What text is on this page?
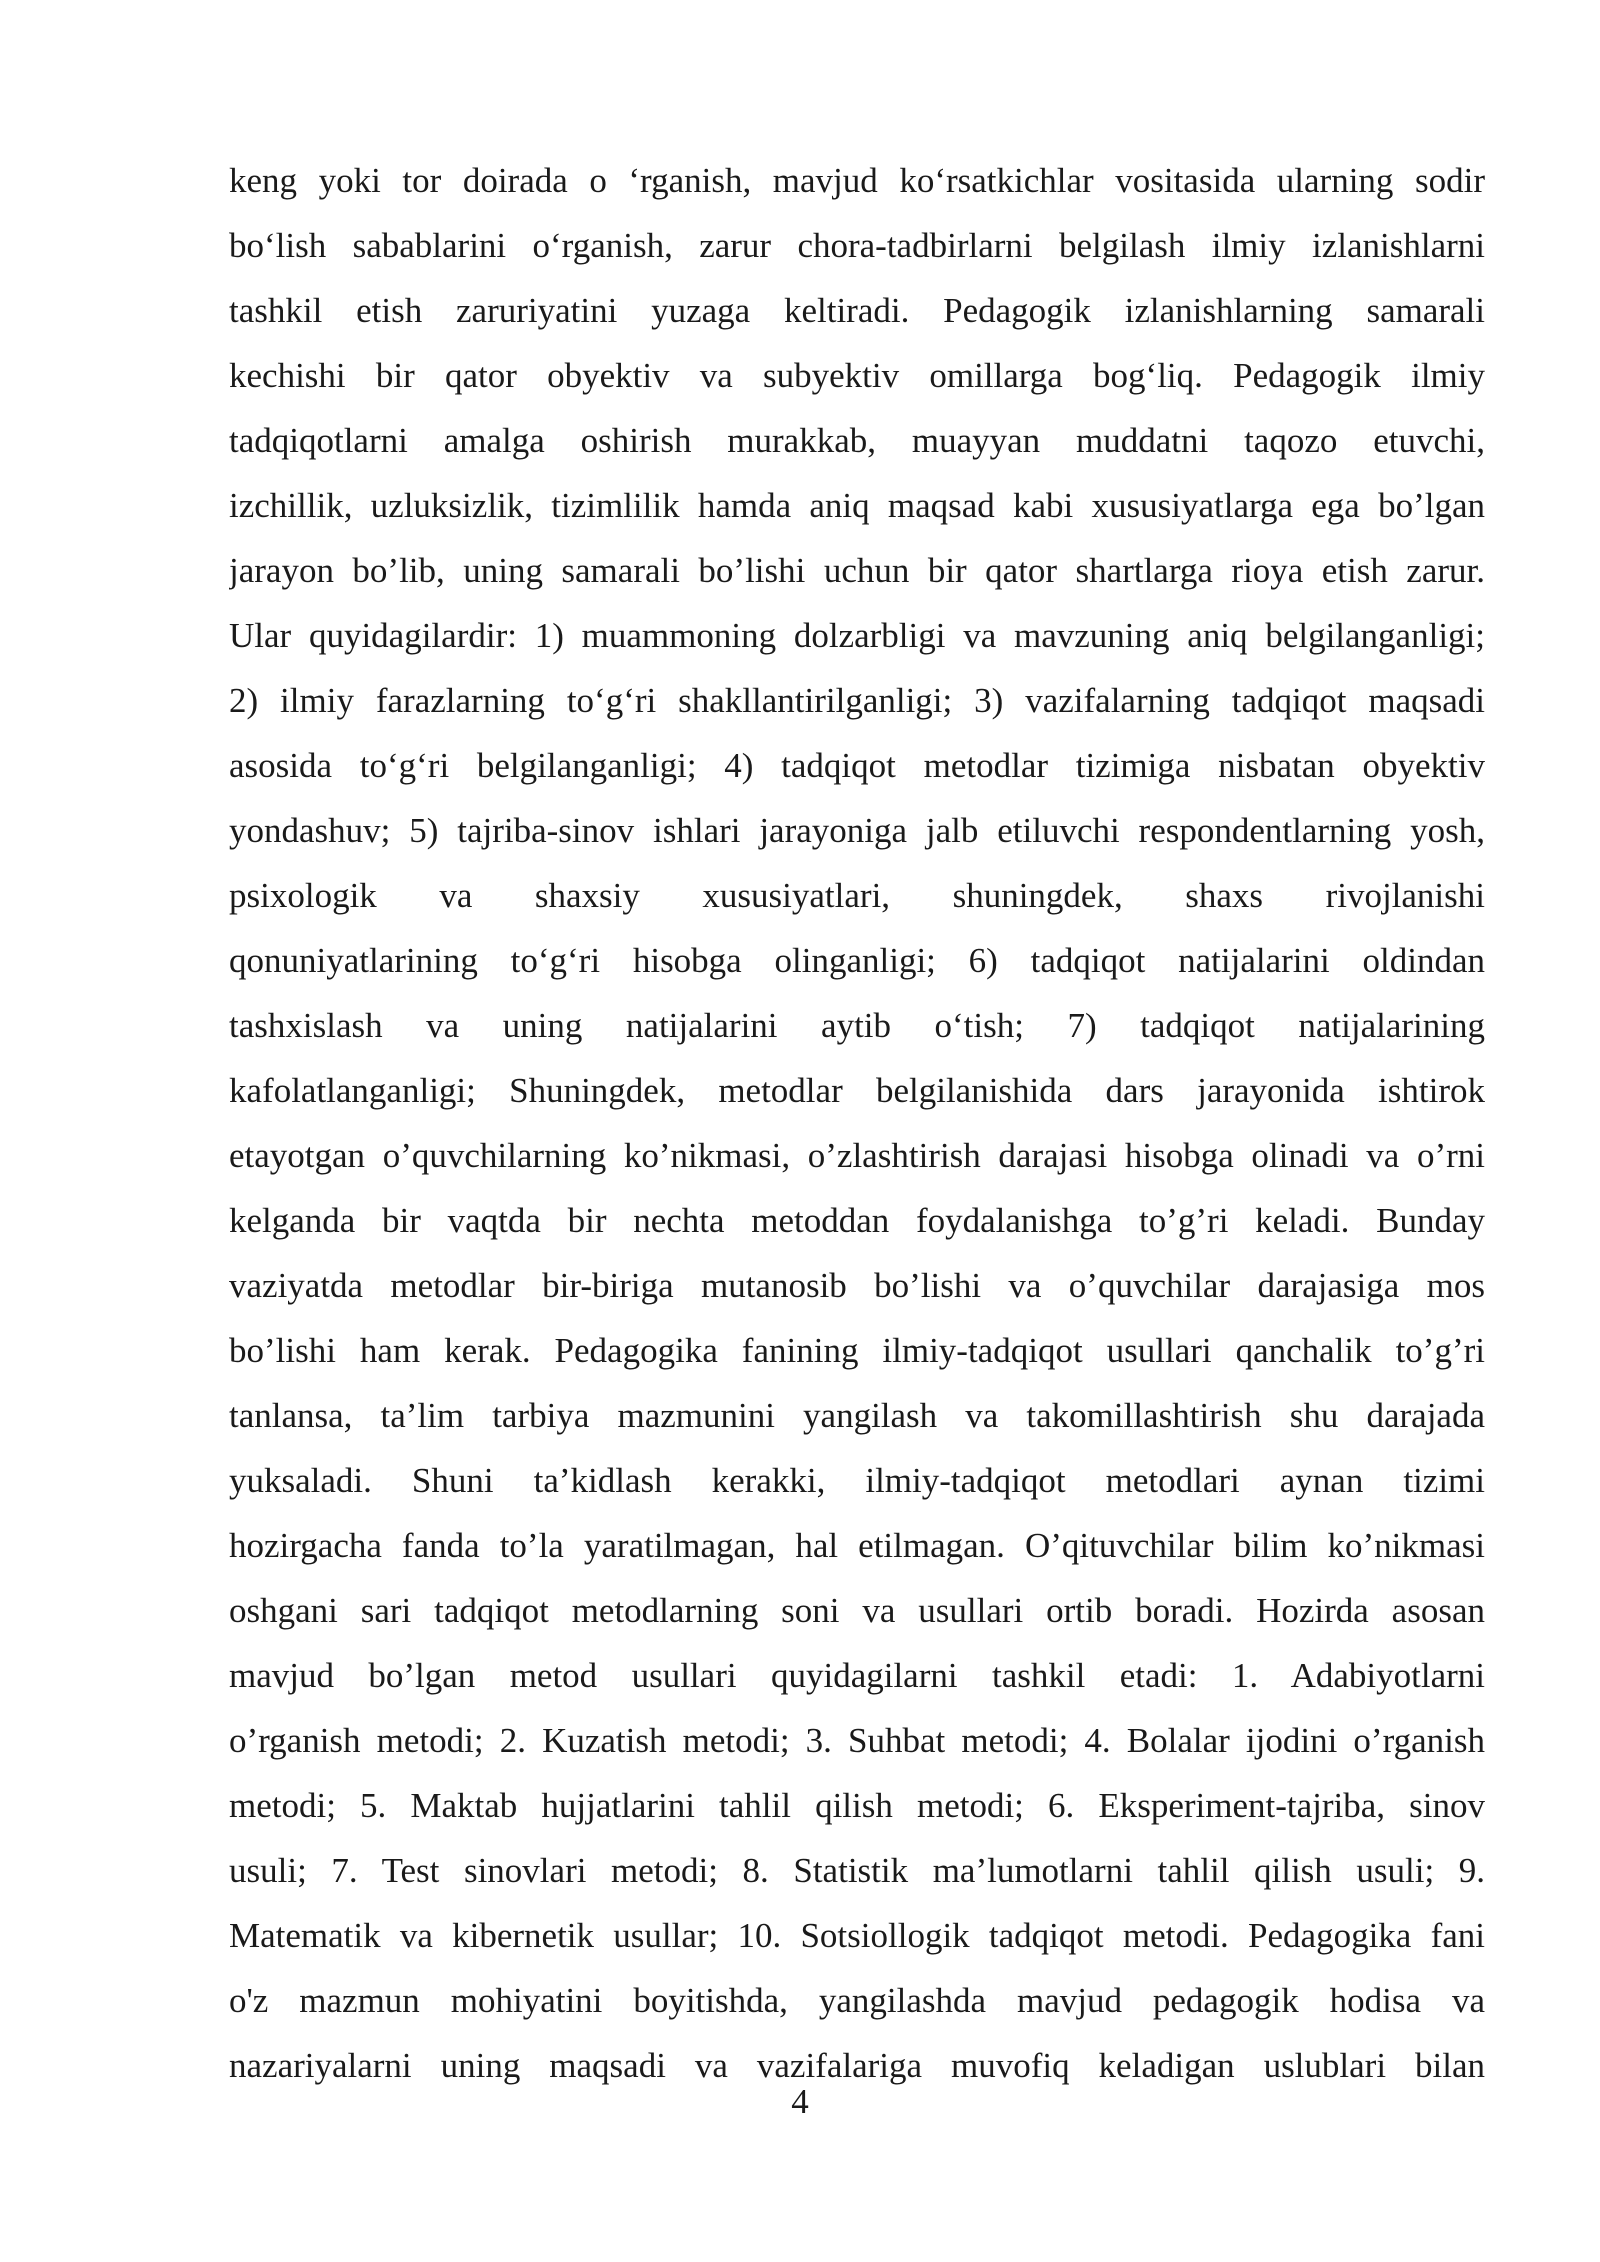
keng yoki tor doirada o ‘rganish, mavjud ko‘rsatkichlar vositasida ularning sodir
bo‘lish sabablarini o‘rganish, zarur chora-tadbirlarni belgilash ilmiy izlanishlarni
tashkil etish zaruriyatini yuzaga keltiradi. Pedagogik izlanishlarning samarali
kechishi bir qator obyektiv va subyektiv omillarga bog‘liq. Pedagogik ilmiy
tadqiqotlarni amalga oshirish murakkab, muayyan muddatni taqozo etuvchi,
izchillik, uzluksizlik, tizimlilik hamda aniq maqsad kabi xususiyatlarga ega bo’lgan
jarayon bo’lib, uning samarali bo’lishi uchun bir qator shartlarga rioya etish zarur.
Ular quyidagilardir: 1) muammoning dolzarbligi va mavzuning aniq belgilanganligi;
2) ilmiy farazlarning to‘g‘ri shakllantirilganligi; 3) vazifalarning tadqiqot maqsadi
asosida to‘g‘ri belgilanganligi; 4) tadqiqot metodlar tizimiga nisbatan obyektiv
yondashuv; 5) tajriba-sinov ishlari jarayoniga jalb etiluvchi respondentlarning yosh,
psixologik va shaxsiy xususiyatlari, shuningdek, shaxs rivojlanishi
qonuniyatlarining to‘g‘ri hisobga olinganligi; 6) tadqiqot natijalarini oldindan
tashxislash va uning natijalarini aytib o‘tish; 7) tadqiqot natijalarining
kafolatlanganligi; Shuningdek, metodlar belgilanishida dars jarayonida ishtirok
etayotgan o’quvchilarning ko’nikmasi, o’zlashtirish darajasi hisobga olinadi va o’rni
kelganda bir vaqtda bir nechta metoddan foydalanishga to’g’ri keladi. Bunday
vaziyatda metodlar bir-biriga mutanosib bo’lishi va o’quvchilar darajasiga mos
bo’lishi ham kerak. Pedagogika fanining ilmiy-tadqiqot usullari qanchalik to’g’ri
tanlansa, ta’lim tarbiya mazmunini yangilash va takomillashtirish shu darajada
yuksaladi. Shuni ta’kidlash kerakki, ilmiy-tadqiqot metodlari aynan tizimi
hozirgacha fanda to’la yaratilmagan, hal etilmagan. O’qituvchilar bilim ko’nikmasi
oshgani sari tadqiqot metodlarning soni va usullari ortib boradi. Hozirda asosan
mavjud bo’lgan metod usullari quyidagilarni tashkil etadi: 1. Adabiyotlarni
o’rganish metodi; 2. Kuzatish metodi; 3. Suhbat metodi; 4. Bolalar ijodini o’rganish
metodi; 5. Maktab hujjatlarini tahlil qilish metodi; 6. Eksperiment-tajriba, sinov
usuli; 7. Test sinovlari metodi; 8. Statistik ma’lumotlarni tahlil qilish usuli; 9.
Matematik va kibernetik usullar; 10. Sotsiollogik tadqiqot metodi. Pedagogika fani
o'z mazmun mohiyatini boyitishda, yangilashda mavjud pedagogik hodisa va
nazariyalarni uning maqsadi va vazifalariga muvofiq keladigan uslublari bilan
4
